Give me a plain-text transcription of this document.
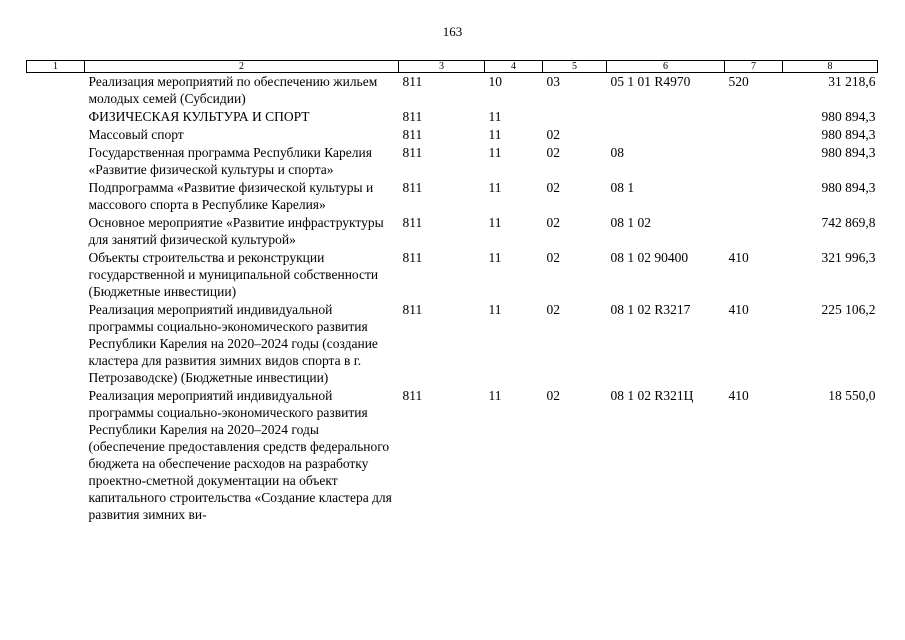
163
1	2	3	4	5	6	7	8
	Реализация мероприятий по обеспечению жильем молодых семей (Субсидии)	811	10	03	05 1 01 R4970	520	31 218,6
	ФИЗИЧЕСКАЯ КУЛЬТУРА И СПОРТ	811	11				980 894,3
	Массовый спорт	811	11	02			980 894,3
	Государственная программа Республики Карелия «Развитие физической культуры и спорта»	811	11	02	08		980 894,3
	Подпрограмма «Развитие физической культуры и массового спорта в Республике Карелия»	811	11	02	08 1		980 894,3
	Основное мероприятие «Развитие инфраструктуры для занятий физической культурой»	811	11	02	08 1 02		742 869,8
	Объекты строительства и реконструкции государственной и муниципальной собственности (Бюджетные инвестиции)	811	11	02	08 1 02 90400	410	321 996,3
	Реализация мероприятий индивидуальной программы социально-экономического развития Республики Карелия на 2020–2024 годы (создание кластера для развития зимних видов спорта в г. Петрозаводске) (Бюджетные инвестиции)	811	11	02	08 1 02 R3217	410	225 106,2
	Реализация мероприятий индивидуальной программы социально-экономического развития Республики Карелия на 2020–2024 годы (обеспечение предоставления средств федерального бюджета на обеспечение расходов на разработку проектно-сметной документации на объект капитального строительства «Создание кластера для развития зимних ви-	811	11	02	08 1 02 R321Ц	410	18 550,0
